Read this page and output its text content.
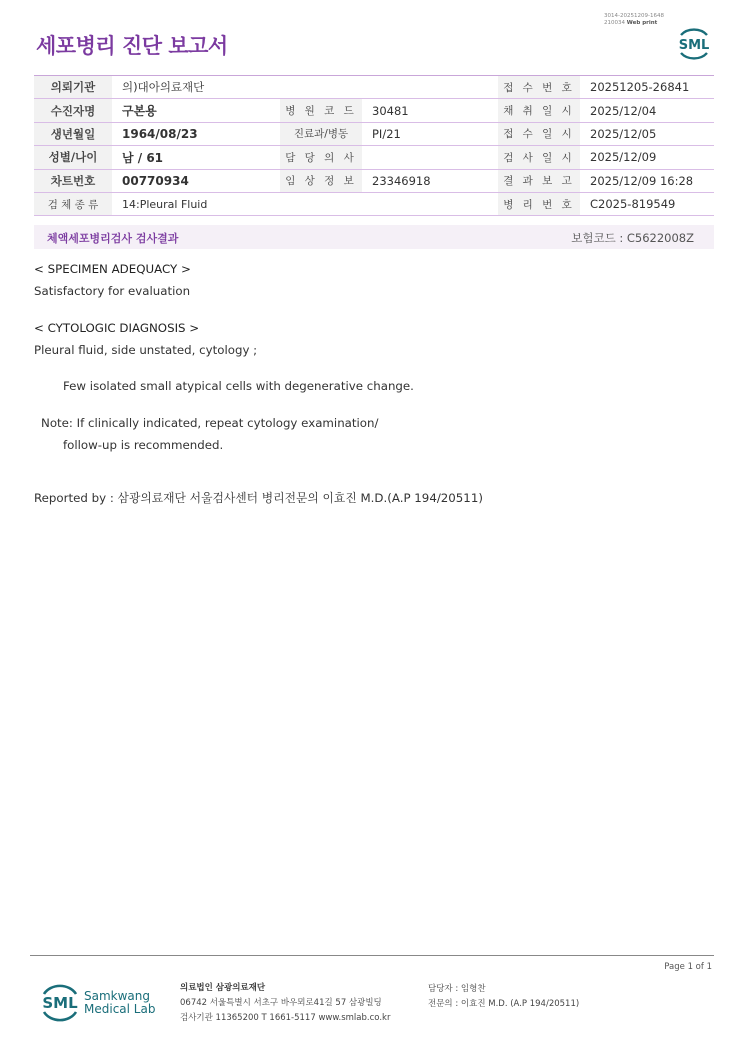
3014-20251209-1648
210034 Web print
세포병리 진단 보고서	SML
의뢰기관	의)대아의료재단			접 수 번 호	20251205-26841
수진자명	구본용	병 원 코 드	30481	채 취 일 시	2025/12/04
생년월일	1964/08/23	진료과/병동	PI/21	접 수 일 시	2025/12/05
성별/나이	남 / 61	담 당 의 사		검 사 일 시	2025/12/09
차트번호	00770934	임 상 정 보	23346918	결 과 보 고	2025/12/09 16:28
검 체 종 류	14:Pleural Fluid			병 리 번 호	C2025-819549
체액세포병리검사 검사결과	보험코드 : C5622008Z
< SPECIMEN ADEQUACY >
Satisfactory for evaluation
< CYTOLOGIC DIAGNOSIS >
Pleural fluid, side unstated, cytology ;
Few isolated small atypical cells with degenerative change.
Note: If clinically indicated, repeat cytology examination/
follow-up is recommended.
Reported by : 삼광의료재단 서울검사센터 병리전문의 이효진 M.D.(A.P 194/20511)
Page 1 of 1
SML Samkwang
Medical Lab
의료법인 삼광의료재단
06742 서울특별시 서초구 바우뫼로41길 57 삼광빌딩
검사기관 11365200 T 1661-5117 www.smlab.co.kr
담당자 : 임형찬
전문의 : 이효진 M.D. (A.P 194/20511)
